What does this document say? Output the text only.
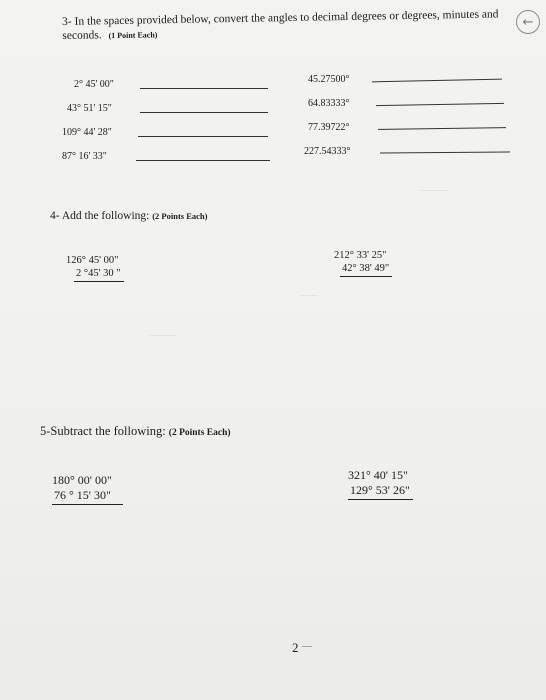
———
——
———
3- In the spaces provided below, convert the angles to decimal degrees or degrees, minutes and seconds. (1 Point Each)
2° 45' 00"
43° 51' 15"
109° 44' 28"
87° 16' 33"
45.27500°
64.83333°
77.39722°
227.54333°
4- Add the following: (2 Points Each)
126° 45' 00"
2 °45' 30 "
212° 33' 25"
42° 38' 49"
5-Subtract the following: (2 Points Each)
180° 00' 00"
76 ° 15' 30"
321° 40' 15"
129° 53' 26"
2
←
